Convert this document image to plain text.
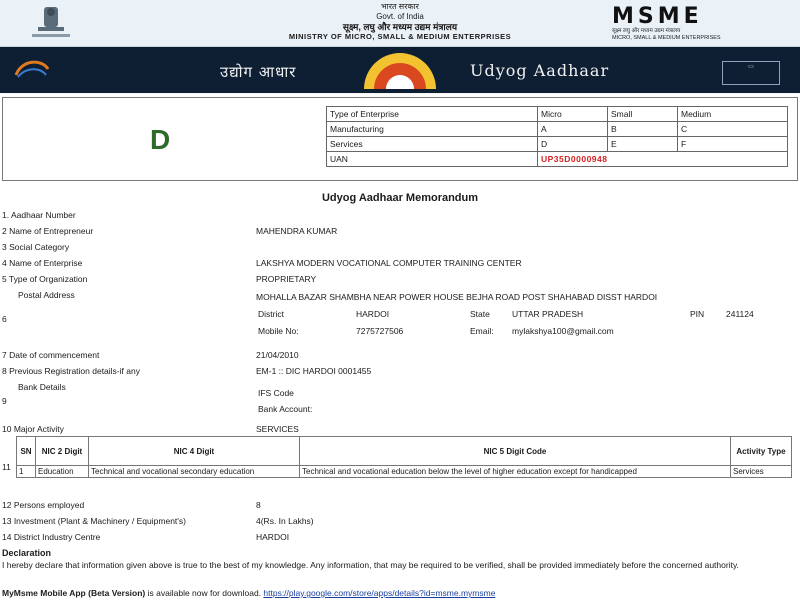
भारत सरकार
Govt. of India
सूक्ष्म, लघु और मध्यम उद्यम मंत्रालय
MINISTRY OF MICRO, SMALL & MEDIUM ENTERPRISES
MSME
सूक्ष्म लघु और मध्यम उद्यम मंत्रालय
MICRO, SMALL & MEDIUM ENTERPRISES
उद्योग आधार	Udyog Aadhaar	▭
D
Type of Enterprise	Micro	Small	Medium
Manufacturing	A	B	C
Services	D	E	F
UAN	UP35D0000948		
Udyog Aadhaar Memorandum
1. Aadhaar Number
2 Name of Entrepreneur	MAHENDRA KUMAR
3 Social Category
4 Name of Enterprise	LAKSHYA MODERN VOCATIONAL COMPUTER TRAINING CENTER
5 Type of Organization	PROPRIETARY
Postal Address	MOHALLA BAZAR SHAMBHA NEAR POWER HOUSE BEJHA ROAD POST SHAHABAD DISST HARDOI
6	District	HARDOI	State	UTTAR PRADESH	PIN	241124
Mobile No:	7275727506	Email: mylakshya100@gmail.com
7 Date of commencement	21/04/2010
8 Previous Registration details-if any	EM-1 :: DIC HARDOI 0001455
Bank Details
9
IFS Code
Bank Account:
10 Major Activity	SERVICES
11
SN	NIC 2 Digit	NIC 4 Digit	NIC 5 Digit Code	Activity Type
1	Education	Technical and vocational secondary education	Technical and vocational education below the level of higher education except for handicapped	Services
12 Persons employed	8
13 Investment (Plant & Machinery / Equipment's)	4(Rs. In Lakhs)
14 District Industry Centre	HARDOI
Declaration
I hereby declare that information given above is true to the best of my knowledge. Any information, that may be required to be verified, shall be provided immediately before the concerned authority.
MyMsme Mobile App (Beta Version) is available now for download. https://play.google.com/store/apps/details?id=msme.mymsme
